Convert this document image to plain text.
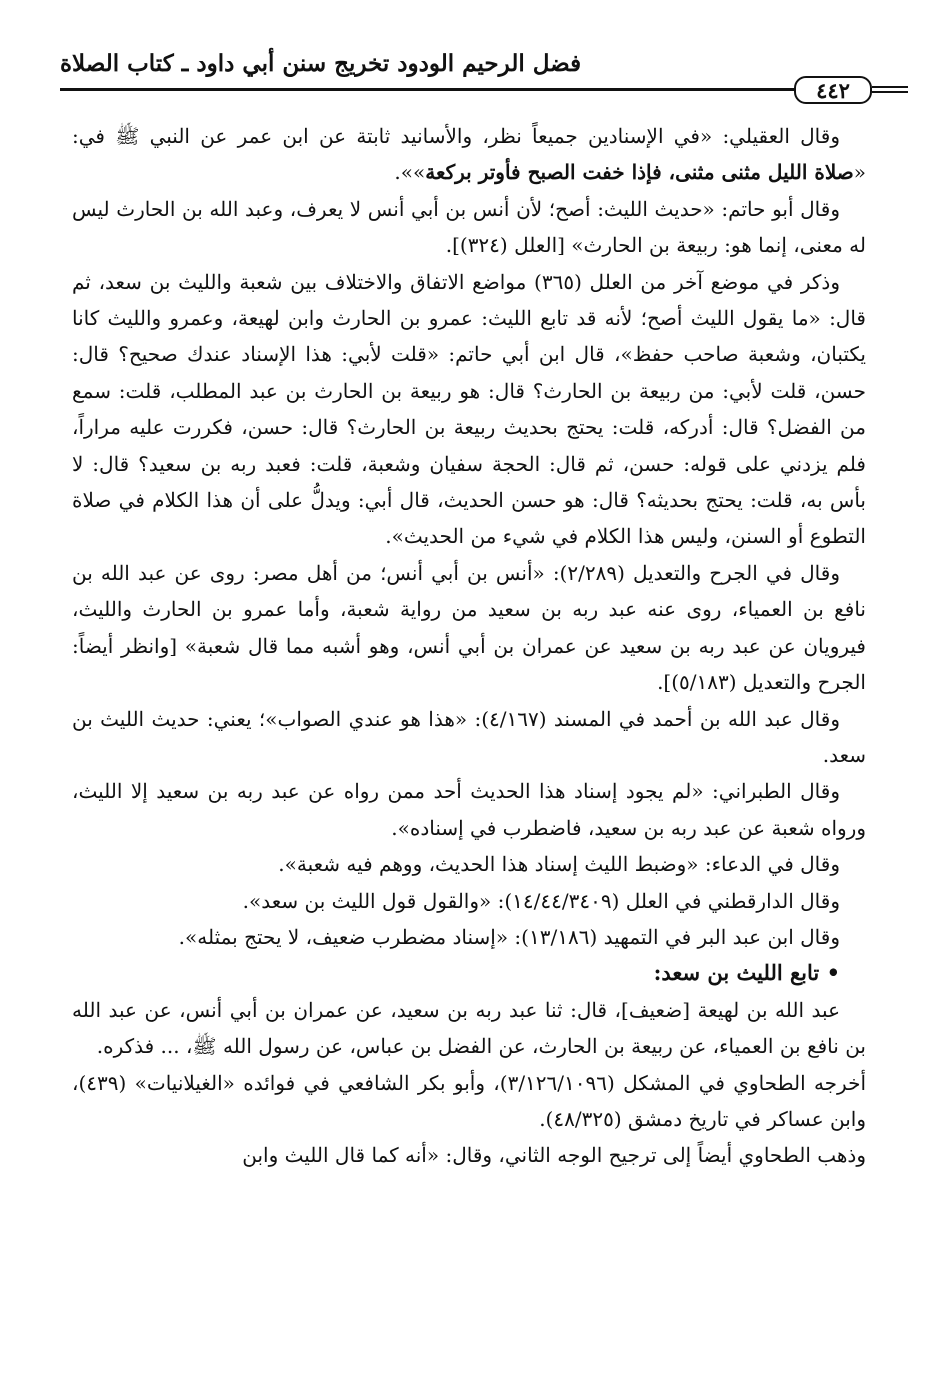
فضل الرحيم الودود تخريج سنن أبي داود ـ كتاب الصلاة
٤٤٢

وقال العقيلي: «في الإسنادين جميعاً نظر، والأسانيد ثابتة عن ابن عمر عن النبي ﷺ في: «صلاة الليل مثنى مثنى، فإذا خفت الصبح فأوتر بركعة»».

وقال أبو حاتم: «حديث الليث: أصح؛ لأن أنس بن أبي أنس لا يعرف، وعبد الله بن الحارث ليس له معنى، إنما هو: ربيعة بن الحارث» [العلل (٣٢٤)].

وذكر في موضع آخر من العلل (٣٦٥) مواضع الاتفاق والاختلاف بين شعبة والليث بن سعد، ثم قال: «ما يقول الليث أصح؛ لأنه قد تابع الليث: عمرو بن الحارث وابن لهيعة، وعمرو والليث كانا يكتبان، وشعبة صاحب حفظ»، قال ابن أبي حاتم: «قلت لأبي: هذا الإسناد عندك صحيح؟ قال: حسن، قلت لأبي: من ربيعة بن الحارث؟ قال: هو ربيعة بن الحارث بن عبد المطلب، قلت: سمع من الفضل؟ قال: أدركه، قلت: يحتج بحديث ربيعة بن الحارث؟ قال: حسن، فكررت عليه مراراً، فلم يزدني على قوله: حسن، ثم قال: الحجة سفيان وشعبة، قلت: فعبد ربه بن سعيد؟ قال: لا بأس به، قلت: يحتج بحديثه؟ قال: هو حسن الحديث، قال أبي: ويدلُّ على أن هذا الكلام في صلاة التطوع أو السنن، وليس هذا الكلام في شيء من الحديث».

وقال في الجرح والتعديل (٢/٢٨٩): «أنس بن أبي أنس؛ من أهل مصر: روى عن عبد الله بن نافع بن العمياء، روى عنه عبد ربه بن سعيد من رواية شعبة، وأما عمرو بن الحارث والليث، فيرويان عن عبد ربه بن سعيد عن عمران بن أبي أنس، وهو أشبه مما قال شعبة» [وانظر أيضاً: الجرح والتعديل (٥/١٨٣)].

وقال عبد الله بن أحمد في المسند (٤/١٦٧): «هذا هو عندي الصواب»؛ يعني: حديث الليث بن سعد.

وقال الطبراني: «لم يجود إسناد هذا الحديث أحد ممن رواه عن عبد ربه بن سعيد إلا الليث، ورواه شعبة عن عبد ربه بن سعيد، فاضطرب في إسناده».

وقال في الدعاء: «وضبط الليث إسناد هذا الحديث، ووهم فيه شعبة».

وقال الدارقطني في العلل (١٤/٤٤/٣٤٠٩): «والقول قول الليث بن سعد».

وقال ابن عبد البر في التمهيد (١٣/١٨٦): «إسناد مضطرب ضعيف، لا يحتج بمثله».

• تابع الليث بن سعد:

عبد الله بن لهيعة [ضعيف]، قال: ثنا عبد ربه بن سعيد، عن عمران بن أبي أنس، عن عبد الله بن نافع بن العمياء، عن ربيعة بن الحارث، عن الفضل بن عباس، عن رسول الله ﷺ، ... فذكره.

أخرجه الطحاوي في المشكل (٣/١٢٦/١٠٩٦)، وأبو بكر الشافعي في فوائده «الغيلانيات» (٤٣٩)، وابن عساكر في تاريخ دمشق (٤٨/٣٢٥).

وذهب الطحاوي أيضاً إلى ترجيح الوجه الثاني، وقال: «أنه كما قال الليث وابن
